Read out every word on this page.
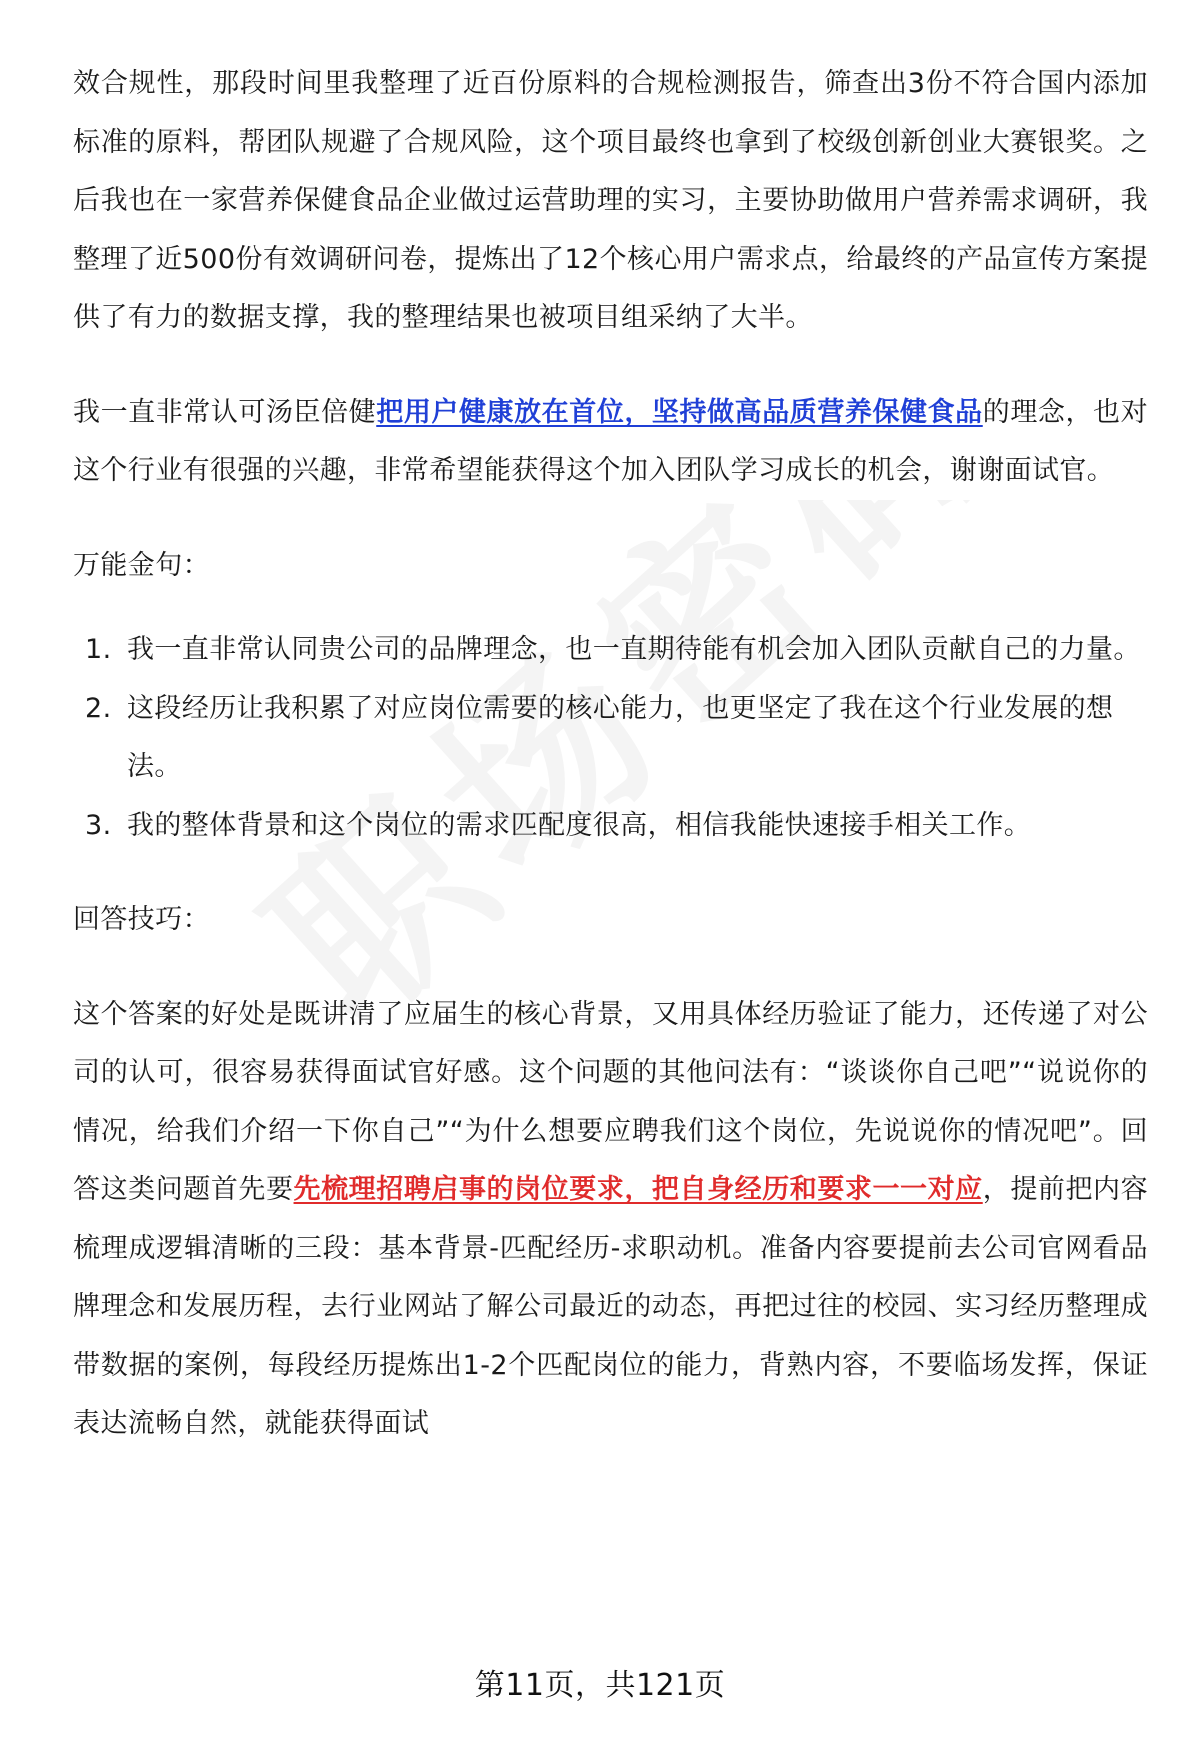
效合规性，那段时间里我整理了近百份原料的合规检测报告，筛查出3份不符合国内添加标准的原料，帮团队规避了合规风险，这个项目最终也拿到了校级创新创业大赛银奖。之后我也在一家营养保健食品企业做过运营助理的实习，主要协助做用户营养需求调研，我整理了近500份有效调研问卷，提炼出了12个核心用户需求点，给最终的产品宣传方案提供了有力的数据支撑，我的整理结果也被项目组采纳了大半。

我一直非常认可汤臣倍健把用户健康放在首位，坚持做高品质营养保健食品的理念，也对这个行业有很强的兴趣，非常希望能获得这个加入团队学习成长的机会，谢谢面试官。

万能金句：

1. 我一直非常认同贵公司的品牌理念，也一直期待能有机会加入团队贡献自己的力量。
2. 这段经历让我积累了对应岗位需要的核心能力，也更坚定了我在这个行业发展的想法。
3. 我的整体背景和这个岗位的需求匹配度很高，相信我能快速接手相关工作。

回答技巧：

这个答案的好处是既讲清了应届生的核心背景，又用具体经历验证了能力，还传递了对公司的认可，很容易获得面试官好感。这个问题的其他问法有：“谈谈你自己吧”“说说你的情况，给我们介绍一下你自己”“为什么想要应聘我们这个岗位，先说说你的情况吧”。回答这类问题首先要先梳理招聘启事的岗位要求，把自身经历和要求一一对应，提前把内容梳理成逻辑清晰的三段：基本背景-匹配经历-求职动机。准备内容要提前去公司官网看品牌理念和发展历程，去行业网站了解公司最近的动态，再把过往的校园、实习经历整理成带数据的案例，每段经历提炼出1-2个匹配岗位的能力，背熟内容，不要临场发挥，保证表达流畅自然，就能获得面试

第11页，共121页
